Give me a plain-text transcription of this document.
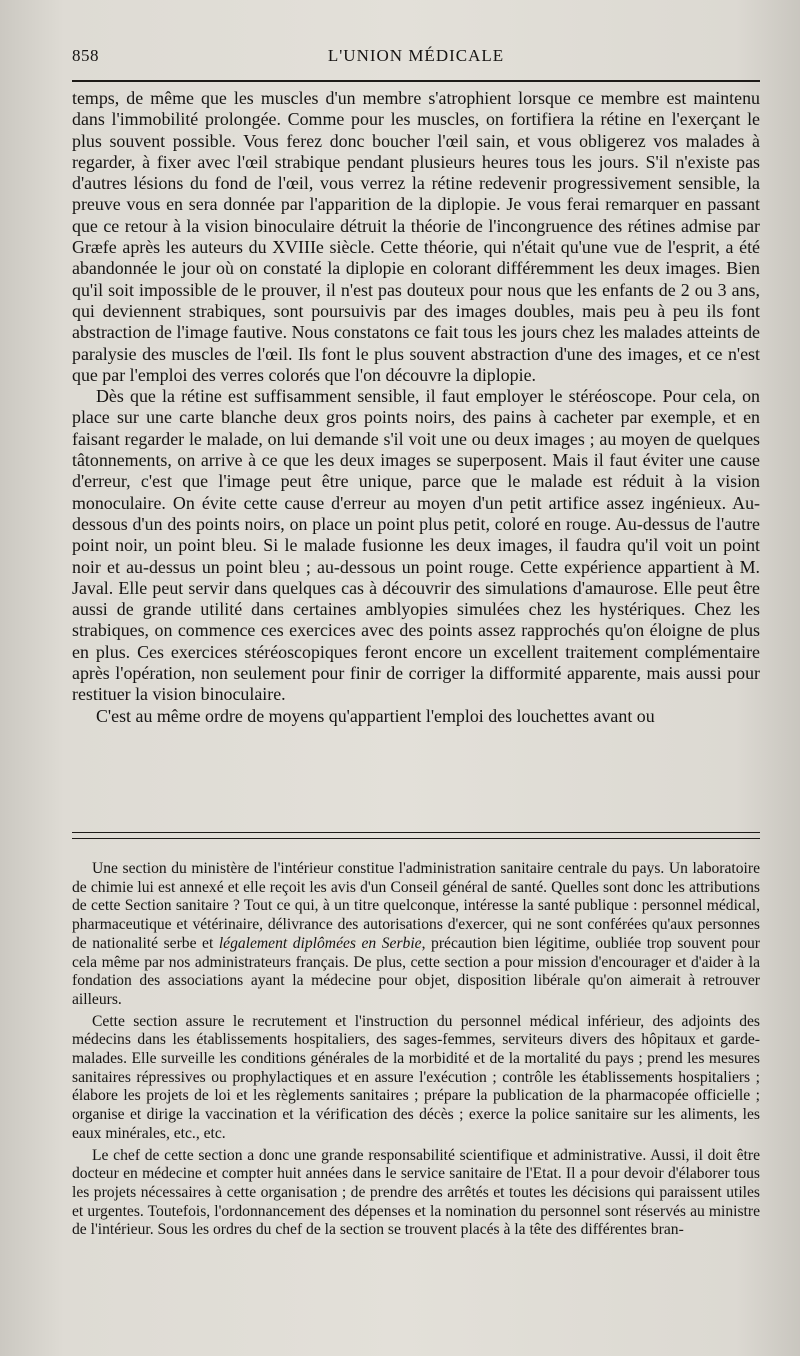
858	L'UNION MÉDICALE

temps, de même que les muscles d'un membre s'atrophient lorsque ce membre est maintenu dans l'immobilité prolongée. Comme pour les muscles, on fortifiera la rétine en l'exerçant le plus souvent possible. Vous ferez donc boucher l'œil sain, et vous obligerez vos malades à regarder, à fixer avec l'œil strabique pendant plusieurs heures tous les jours. S'il n'existe pas d'autres lésions du fond de l'œil, vous verrez la rétine redevenir progressivement sensible, la preuve vous en sera donnée par l'apparition de la diplopie. Je vous ferai remarquer en passant que ce retour à la vision binoculaire détruit la théorie de l'incongruence des rétines admise par Græfe après les auteurs du XVIIIe siècle. Cette théorie, qui n'était qu'une vue de l'esprit, a été abandonnée le jour où on constaté la diplopie en colorant différemment les deux images. Bien qu'il soit impossible de le prouver, il n'est pas douteux pour nous que les enfants de 2 ou 3 ans, qui deviennent strabiques, sont poursuivis par des images doubles, mais peu à peu ils font abstraction de l'image fautive. Nous constatons ce fait tous les jours chez les malades atteints de paralysie des muscles de l'œil. Ils font le plus souvent abstraction d'une des images, et ce n'est que par l'emploi des verres colorés que l'on découvre la diplopie.

Dès que la rétine est suffisamment sensible, il faut employer le stéréoscope. Pour cela, on place sur une carte blanche deux gros points noirs, des pains à cacheter par exemple, et en faisant regarder le malade, on lui demande s'il voit une ou deux images ; au moyen de quelques tâtonnements, on arrive à ce que les deux images se superposent. Mais il faut éviter une cause d'erreur, c'est que l'image peut être unique, parce que le malade est réduit à la vision monoculaire. On évite cette cause d'erreur au moyen d'un petit artifice assez ingénieux. Au-dessous d'un des points noirs, on place un point plus petit, coloré en rouge. Au-dessus de l'autre point noir, un point bleu. Si le malade fusionne les deux images, il faudra qu'il voit un point noir et au-dessus un point bleu ; au-dessous un point rouge. Cette expérience appartient à M. Javal. Elle peut servir dans quelques cas à découvrir des simulations d'amaurose. Elle peut être aussi de grande utilité dans certaines amblyopies simulées chez les hystériques. Chez les strabiques, on commence ces exercices avec des points assez rapprochés qu'on éloigne de plus en plus. Ces exercices stéréoscopiques feront encore un excellent traitement complémentaire après l'opération, non seulement pour finir de corriger la difformité apparente, mais aussi pour restituer la vision binoculaire.

C'est au même ordre de moyens qu'appartient l'emploi des louchettes avant ou

Une section du ministère de l'intérieur constitue l'administration sanitaire centrale du pays. Un laboratoire de chimie lui est annexé et elle reçoit les avis d'un Conseil général de santé. Quelles sont donc les attributions de cette Section sanitaire ? Tout ce qui, à un titre quelconque, intéresse la santé publique : personnel médical, pharmaceutique et vétérinaire, délivrance des autorisations d'exercer, qui ne sont conférées qu'aux personnes de nationalité serbe et légalement diplômées en Serbie, précaution bien légitime, oubliée trop souvent pour cela même par nos administrateurs français. De plus, cette section a pour mission d'encourager et d'aider à la fondation des associations ayant la médecine pour objet, disposition libérale qu'on aimerait à retrouver ailleurs.

Cette section assure le recrutement et l'instruction du personnel médical inférieur, des adjoints des médecins dans les établissements hospitaliers, des sages-femmes, serviteurs divers des hôpitaux et garde-malades. Elle surveille les conditions générales de la morbidité et de la mortalité du pays ; prend les mesures sanitaires répressives ou prophylactiques et en assure l'exécution ; contrôle les établissements hospitaliers ; élabore les projets de loi et les règlements sanitaires ; prépare la publication de la pharmacopée officielle ; organise et dirige la vaccination et la vérification des décès ; exerce la police sanitaire sur les aliments, les eaux minérales, etc., etc.

Le chef de cette section a donc une grande responsabilité scientifique et administrative. Aussi, il doit être docteur en médecine et compter huit années dans le service sanitaire de l'Etat. Il a pour devoir d'élaborer tous les projets nécessaires à cette organisation ; de prendre des arrêtés et toutes les décisions qui paraissent utiles et urgentes. Toutefois, l'ordonnancement des dépenses et la nomination du personnel sont réservés au ministre de l'intérieur. Sous les ordres du chef de la section se trouvent placés à la tête des différentes bran-
